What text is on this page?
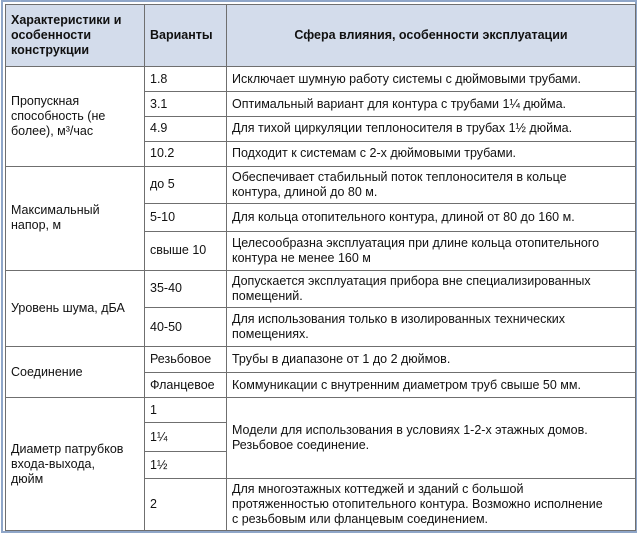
Характеристики и
особенности
конструкции	Варианты	Сфера влияния, особенности эксплуатации
Пропускная
способность (не
более), м³/час	1.8	Исключает шумную работу системы с дюймовыми трубами.
	3.1	Оптимальный вариант для контура с трубами 1¼ дюйма.
	4.9	Для тихой циркуляции теплоносителя в трубах 1½ дюйма.
	10.2	Подходит к системам с 2-х дюймовыми трубами.
Максимальный
напор, м	до 5	Обеспечивает стабильный поток теплоносителя в кольце
контура, длиной до 80 м.
	5-10	Для кольца отопительного контура, длиной от 80 до 160 м.
	свыше 10	Целесообразна эксплуатация при длине кольца отопительного
контура не менее 160 м
Уровень шума, дБА	35-40	Допускается эксплуатация прибора вне специализированных
помещений.
	40-50	Для использования только в изолированных технических
помещениях.
Соединение	Резьбовое	Трубы в диапазоне от 1 до 2 дюймов.
	Фланцевое	Коммуникации с внутренним диаметром труб свыше 50 мм.
Диаметр патрубков
входа-выхода,
дюйм	1	Модели для использования в условиях 1-2-х этажных домов.
Резьбовое соединение.
	1¼	
	1½	
	2	Для многоэтажных коттеджей и зданий с большой
протяженностью отопительного контура. Возможно исполнение
с резьбовым или фланцевым соединением.
